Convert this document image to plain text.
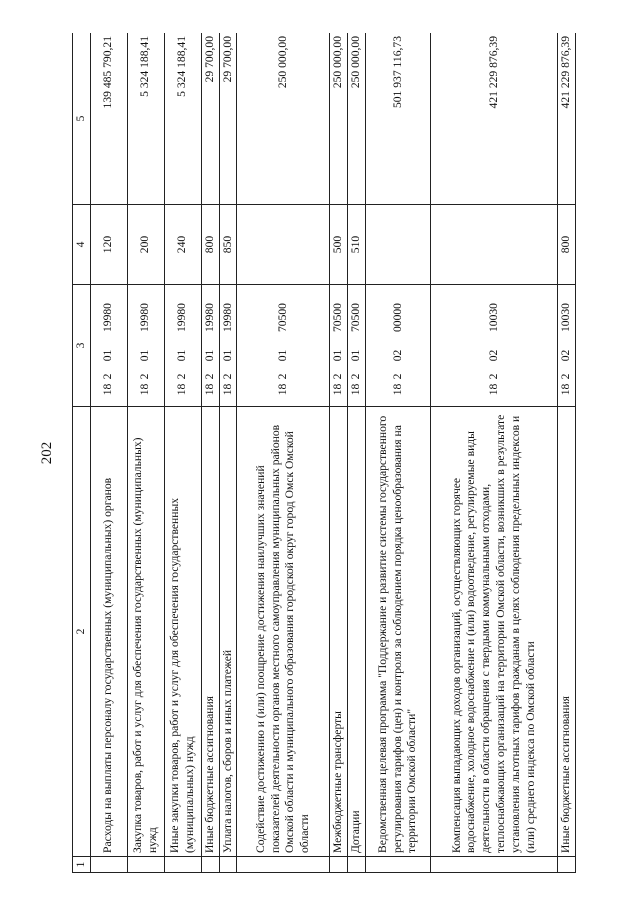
202
1	2	3	4	5
	Расходы на выплаты персоналу государственных (муниципальных) органов	1820119980	120	139 485 790,21
	Закупка товаров, работ и услуг для обеспечения государственных (муниципальных) нужд	1820119980	200	5 324 188,41
	Иные закупки товаров, работ и услуг для обеспечения государственных (муниципальных) нужд	1820119980	240	5 324 188,41
	Иные бюджетные ассигнования	1820119980	800	29 700,00
	Уплата налогов, сборов и иных платежей	1820119980	850	29 700,00
	Содействие достижению и (или) поощрение достижения наилучших значений показателей деятельности органов местного самоуправления муниципальных районов Омской области и муниципального образования городской округ город Омск Омской области	1820170500		250 000,00
	Межбюджетные трансферты	1820170500	500	250 000,00
	Дотации	1820170500	510	250 000,00
	Ведомственная целевая программа "Поддержание и развитие системы государственного регулирования тарифов (цен) и контроля за соблюдением порядка ценообразования на территории Омской области"	1820200000		501 937 116,73
	Компенсация выпадающих доходов организаций, осуществляющих горячее водоснабжение, холодное водоснабжение и (или) водоотведение, регулируемые виды деятельности в области обращения с твердыми коммунальными отходами, теплоснабжающих организаций на территории Омской области, возникших в результате установления льготных тарифов гражданам в целях соблюдения предельных индексов и (или) среднего индекса по Омской области	1820210030		421 229 876,39
	Иные бюджетные ассигнования	1820210030	800	421 229 876,39
